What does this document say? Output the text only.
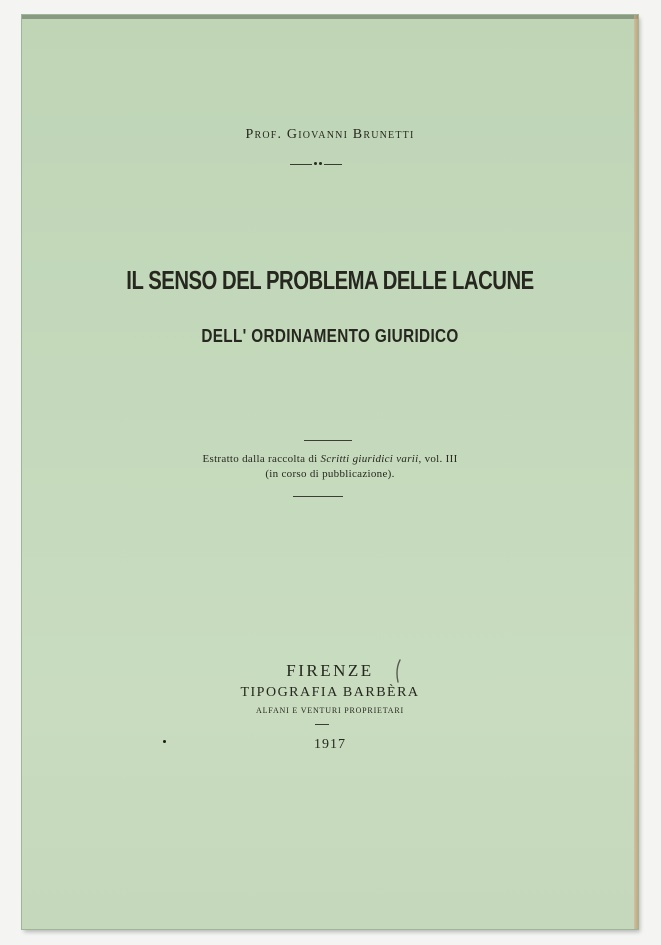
Prof. Giovanni Brunetti
IL SENSO DEL PROBLEMA DELLE LACUNE
DELL' ORDINAMENTO GIURIDICO
Estratto dalla raccolta di Scritti giuridici varii, vol. III
(in corso di pubblicazione).
FIRENZE
TIPOGRAFIA BARBÈRA
ALFANI E VENTURI PROPRIETARI
1917
